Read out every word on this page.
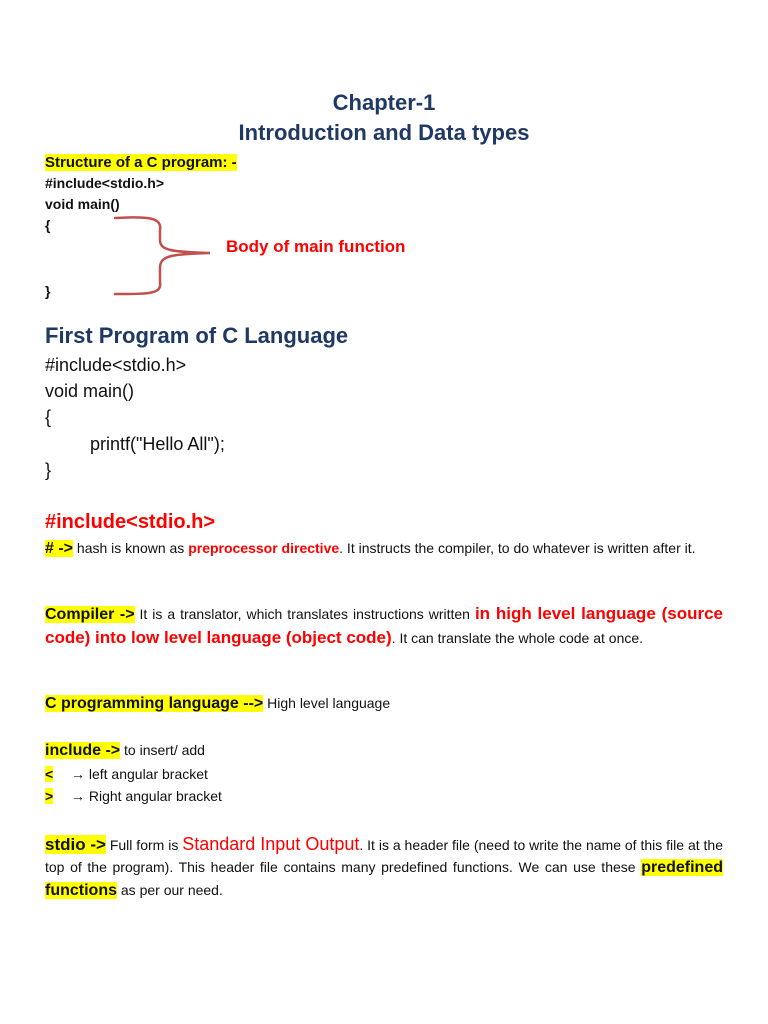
Chapter-1
Introduction and Data types
Structure of a C program: -
#include<stdio.h>
void main()
{
}
Body of main function
First Program of C Language
#include<stdio.h>
void main()
{
printf("Hello All");
}
#include<stdio.h>

# -> hash is known as preprocessor directive. It instructs the compiler, to do whatever is written after it.

Compiler -> It is a translator, which translates instructions written in high level language (source code) into low level language (object code). It can translate the whole code at once.

C programming language --> High level language

include -> to insert/ add

< → left angular bracket
> → Right angular bracket

stdio -> Full form is Standard Input Output. It is a header file (need to write the name of this file at the top of the program). This header file contains many predefined functions. We can use these predefined functions as per our need.
